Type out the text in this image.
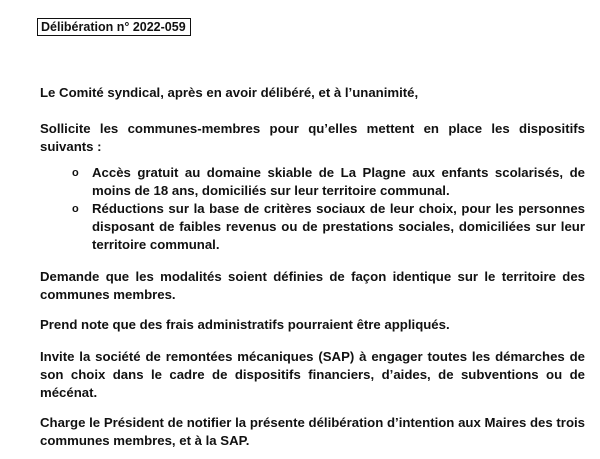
Délibération n° 2022-059
Le Comité syndical, après en avoir délibéré, et à l’unanimité,
Sollicite les communes-membres pour qu’elles mettent en place les dispositifs suivants :
o Accès gratuit au domaine skiable de La Plagne aux enfants scolarisés, de moins de 18 ans, domiciliés sur leur territoire communal.
o Réductions sur la base de critères sociaux de leur choix, pour les personnes disposant de faibles revenus ou de prestations sociales, domiciliées sur leur territoire communal.
Demande que les modalités soient définies de façon identique sur le territoire des communes membres.
Prend note que des frais administratifs pourraient être appliqués.
Invite la société de remontées mécaniques (SAP) à engager toutes les démarches de son choix dans le cadre de dispositifs financiers, d’aides, de subventions ou de mécénat.
Charge le Président de notifier la présente délibération d’intention aux Maires des trois communes membres, et à la SAP.
